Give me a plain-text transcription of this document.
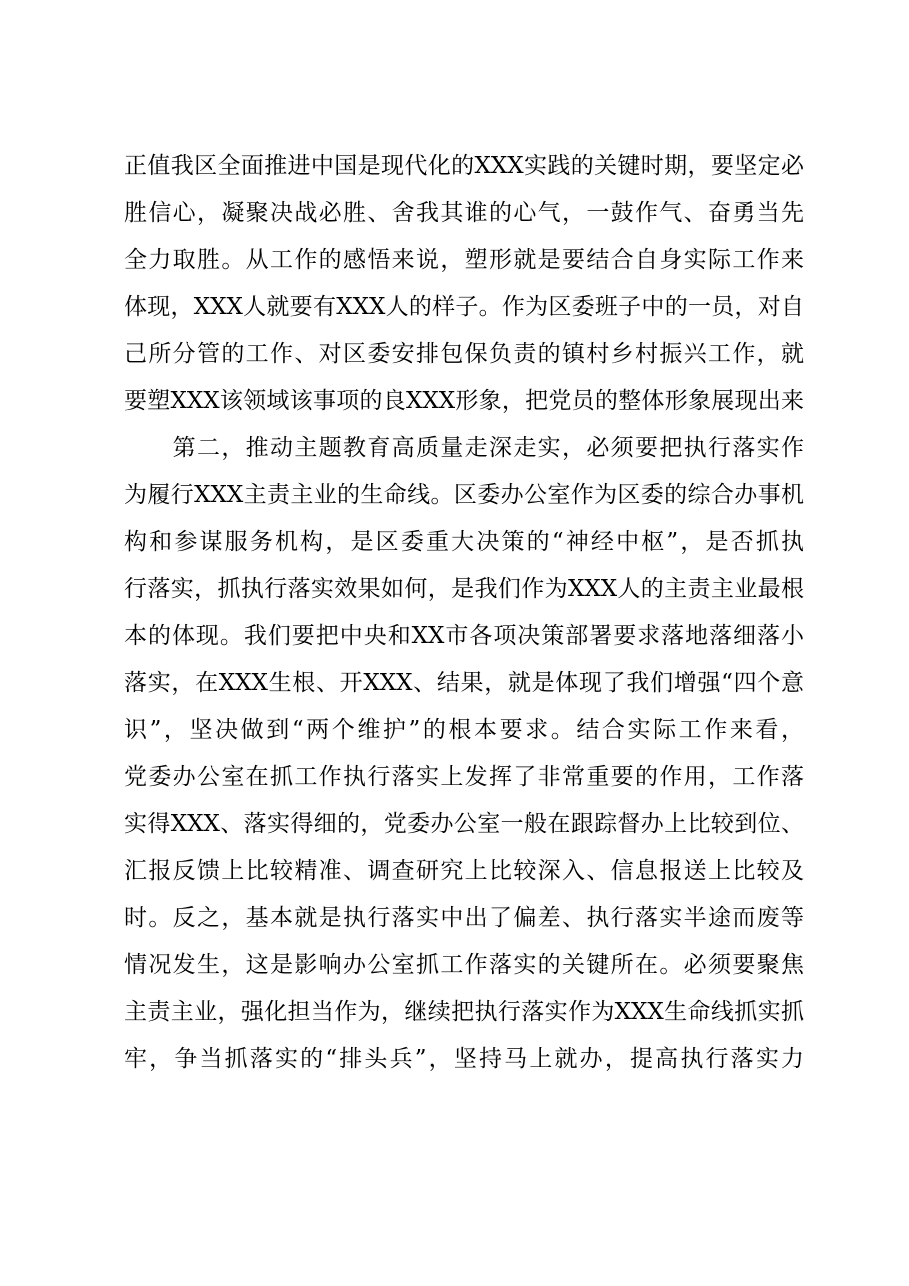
正值我区全面推进中国是现代化的XXX实践的关键时期，要坚定必
胜信心，凝聚决战必胜、舍我其谁的心气，一鼓作气、奋勇当先
全力取胜。从工作的感悟来说，塑形就是要结合自身实际工作来
体现，XXX人就要有XXX人的样子。作为区委班子中的一员，对自
己所分管的工作、对区委安排包保负责的镇村乡村振兴工作，就
要塑XXX该领域该事项的良XXX形象，把党员的整体形象展现出来
　　第二，推动主题教育高质量走深走实，必须要把执行落实作
为履行XXX主责主业的生命线。区委办公室作为区委的综合办事机
构和参谋服务机构，是区委重大决策的“神经中枢”，是否抓执
行落实，抓执行落实效果如何，是我们作为XXX人的主责主业最根
本的体现。我们要把中央和XX市各项决策部署要求落地落细落小
落实，在XXX生根、开XXX、结果，就是体现了我们增强“四个意
识”，坚决做到“两个维护”的根本要求。结合实际工作来看，
党委办公室在抓工作执行落实上发挥了非常重要的作用，工作落
实得XXX、落实得细的，党委办公室一般在跟踪督办上比较到位、
汇报反馈上比较精准、调查研究上比较深入、信息报送上比较及
时。反之，基本就是执行落实中出了偏差、执行落实半途而废等
情况发生，这是影响办公室抓工作落实的关键所在。必须要聚焦
主责主业，强化担当作为，继续把执行落实作为XXX生命线抓实抓
牢，争当抓落实的“排头兵”，坚持马上就办，提高执行落实力
